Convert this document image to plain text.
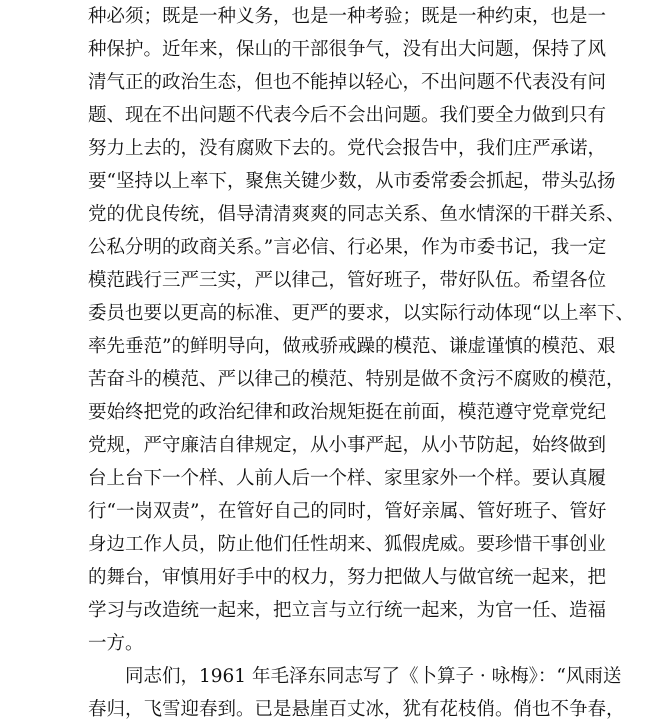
种必须；既是一种义务，也是一种考验；既是一种约束，也是一
种保护。近年来，保山的干部很争气，没有出大问题，保持了风
清气正的政治生态，但也不能掉以轻心，不出问题不代表没有问
题、现在不出问题不代表今后不会出问题。我们要全力做到只有
努力上去的，没有腐败下去的。党代会报告中，我们庄严承诺，
要“坚持以上率下，聚焦关键少数，从市委常委会抓起，带头弘扬
党的优良传统，倡导清清爽爽的同志关系、鱼水情深的干群关系、
公私分明的政商关系。”言必信、行必果，作为市委书记，我一定
模范践行三严三实，严以律己，管好班子，带好队伍。希望各位
委员也要以更高的标准、更严的要求，以实际行动体现“以上率下、
率先垂范”的鲜明导向，做戒骄戒躁的模范、谦虚谨慎的模范、艰
苦奋斗的模范、严以律己的模范、特别是做不贪污不腐败的模范，
要始终把党的政治纪律和政治规矩挺在前面，模范遵守党章党纪
党规，严守廉洁自律规定，从小事严起，从小节防起，始终做到
台上台下一个样、人前人后一个样、家里家外一个样。要认真履
行“一岗双责”，在管好自己的同时，管好亲属、管好班子、管好
身边工作人员，防止他们任性胡来、狐假虎威。要珍惜干事创业
的舞台，审慎用好手中的权力，努力把做人与做官统一起来，把
学习与改造统一起来，把立言与立行统一起来，为官一任、造福
一方。
同志们，1961 年毛泽东同志写了《卜算子 · 咏梅》：“风雨送
春归，飞雪迎春到。已是悬崖百丈冰，犹有花枝俏。俏也不争春，
